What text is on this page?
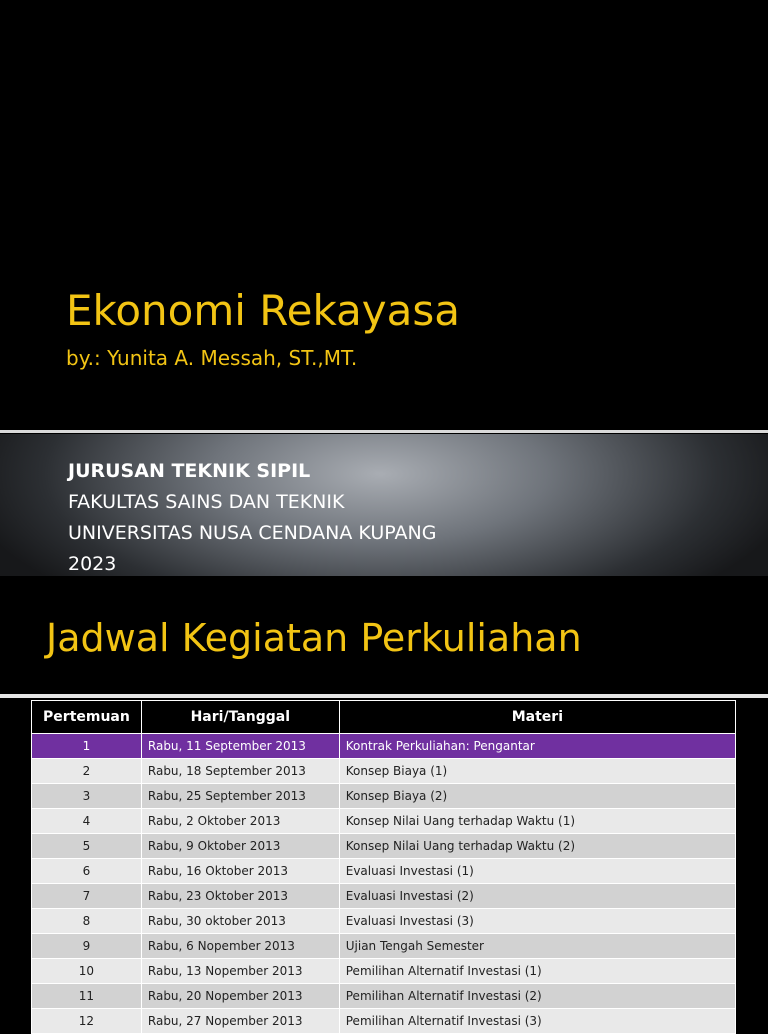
Ekonomi Rekayasa
by.: Yunita A. Messah, ST.,MT.
JURUSAN TEKNIK SIPIL
FAKULTAS SAINS DAN TEKNIK
UNIVERSITAS NUSA CENDANA KUPANG
2023
Jadwal Kegiatan Perkuliahan
Pertemuan	Hari/Tanggal	Materi
1	Rabu, 11 September 2013	Kontrak Perkuliahan: Pengantar
2	Rabu, 18 September 2013	Konsep Biaya (1)
3	Rabu, 25 September 2013	Konsep Biaya (2)
4	Rabu, 2 Oktober 2013	Konsep Nilai Uang terhadap Waktu (1)
5	Rabu, 9 Oktober 2013	Konsep Nilai Uang terhadap Waktu (2)
6	Rabu, 16 Oktober 2013	Evaluasi Investasi (1)
7	Rabu, 23 Oktober 2013	Evaluasi Investasi (2)
8	Rabu, 30 oktober 2013	Evaluasi Investasi (3)
9	Rabu, 6 Nopember 2013	Ujian Tengah Semester
10	Rabu, 13 Nopember 2013	Pemilihan Alternatif Investasi (1)
11	Rabu, 20 Nopember 2013	Pemilihan Alternatif Investasi (2)
12	Rabu, 27 Nopember 2013	Pemilihan Alternatif Investasi (3)
